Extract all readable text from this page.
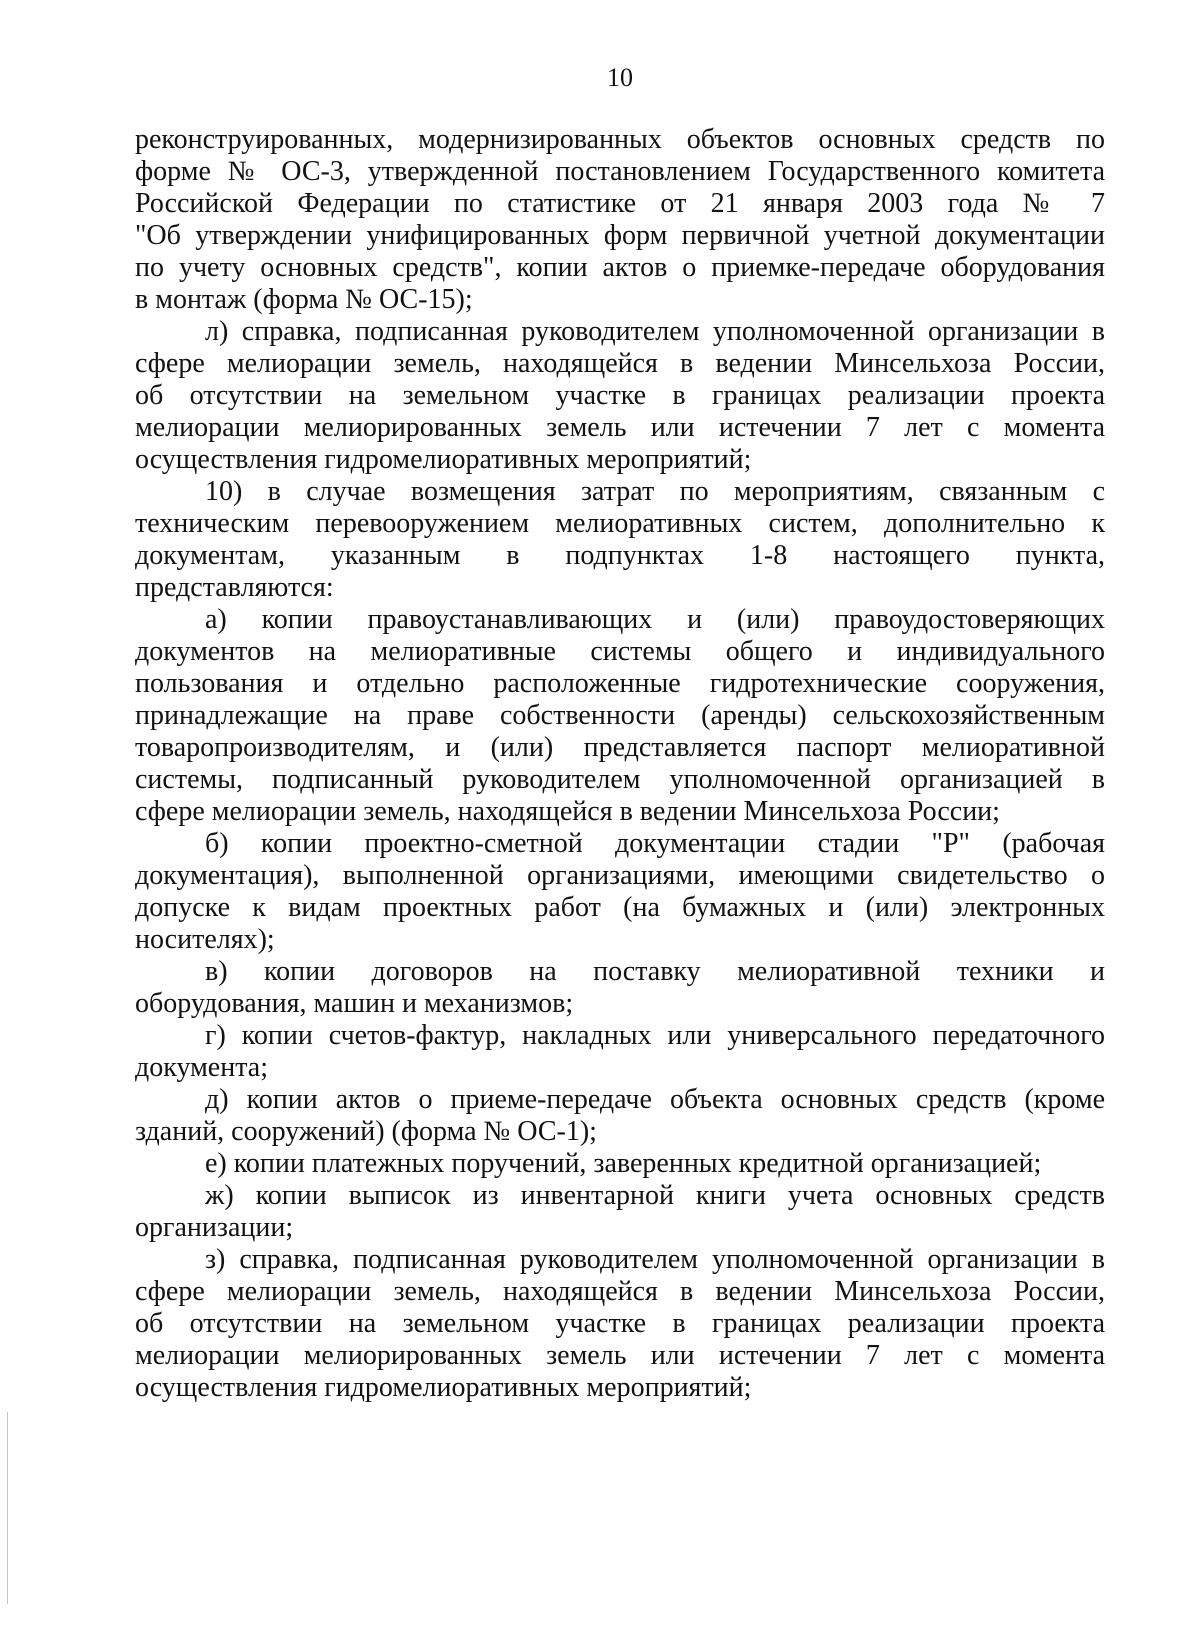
10
реконструированных, модернизированных объектов основных средств по
форме № ОС-3, утвержденной постановлением Государственного комитета
Российской Федерации по статистике от 21 января 2003 года № 7
"Об утверждении унифицированных форм первичной учетной документации
по учету основных средств", копии актов о приемке-передаче оборудования
в монтаж (форма № ОС-15);
л) справка, подписанная руководителем уполномоченной организации в
сфере мелиорации земель, находящейся в ведении Минсельхоза России,
об отсутствии на земельном участке в границах реализации проекта
мелиорации мелиорированных земель или истечении 7 лет с момента
осуществления гидромелиоративных мероприятий;
10) в случае возмещения затрат по мероприятиям, связанным с
техническим перевооружением мелиоративных систем, дополнительно к
документам, указанным в подпунктах 1-8 настоящего пункта,
представляются:
а) копии правоустанавливающих и (или) правоудостоверяющих
документов на мелиоративные системы общего и индивидуального
пользования и отдельно расположенные гидротехнические сооружения,
принадлежащие на праве собственности (аренды) сельскохозяйственным
товаропроизводителям, и (или) представляется паспорт мелиоративной
системы, подписанный руководителем уполномоченной организацией в
сфере мелиорации земель, находящейся в ведении Минсельхоза России;
б) копии проектно-сметной документации стадии "Р" (рабочая
документация), выполненной организациями, имеющими свидетельство о
допуске к видам проектных работ (на бумажных и (или) электронных
носителях);
в) копии договоров на поставку мелиоративной техники и
оборудования, машин и механизмов;
г) копии счетов-фактур, накладных или универсального передаточного
документа;
д) копии актов о приеме-передаче объекта основных средств (кроме
зданий, сооружений) (форма № ОС-1);
е) копии платежных поручений, заверенных кредитной организацией;
ж) копии выписок из инвентарной книги учета основных средств
организации;
з) справка, подписанная руководителем уполномоченной организации в
сфере мелиорации земель, находящейся в ведении Минсельхоза России,
об отсутствии на земельном участке в границах реализации проекта
мелиорации мелиорированных земель или истечении 7 лет с момента
осуществления гидромелиоративных мероприятий;
